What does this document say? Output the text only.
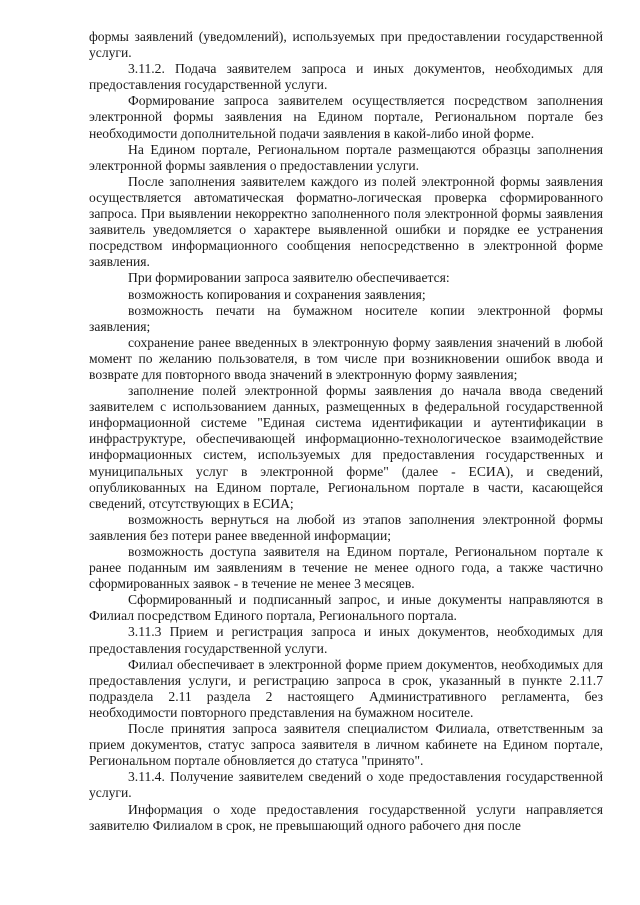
формы заявлений (уведомлений), используемых при предоставлении государственной услуги.

3.11.2. Подача заявителем запроса и иных документов, необходимых для предоставления государственной услуги.

Формирование запроса заявителем осуществляется посредством заполнения электронной формы заявления на Едином портале, Региональном портале без необходимости дополнительной подачи заявления в какой-либо иной форме.

На Едином портале, Региональном портале размещаются образцы заполнения электронной формы заявления о предоставлении услуги.

После заполнения заявителем каждого из полей электронной формы заявления осуществляется автоматическая форматно-логическая проверка сформированного запроса. При выявлении некорректно заполненного поля электронной формы заявления заявитель уведомляется о характере выявленной ошибки и порядке ее устранения посредством информационного сообщения непосредственно в электронной форме заявления.

При формировании запроса заявителю обеспечивается:

возможность копирования и сохранения заявления;

возможность печати на бумажном носителе копии электронной формы заявления;

сохранение ранее введенных в электронную форму заявления значений в любой момент по желанию пользователя, в том числе при возникновении ошибок ввода и возврате для повторного ввода значений в электронную форму заявления;

заполнение полей электронной формы заявления до начала ввода сведений заявителем с использованием данных, размещенных в федеральной государственной информационной системе "Единая система идентификации и аутентификации в инфраструктуре, обеспечивающей информационно-технологическое взаимодействие информационных систем, используемых для предоставления государственных и муниципальных услуг в электронной форме" (далее - ЕСИА), и сведений, опубликованных на Едином портале, Региональном портале в части, касающейся сведений, отсутствующих в ЕСИА;

возможность вернуться на любой из этапов заполнения электронной формы заявления без потери ранее введенной информации;

возможность доступа заявителя на Едином портале, Региональном портале к ранее поданным им заявлениям в течение не менее одного года, а также частично сформированных заявок - в течение не менее 3 месяцев.

Сформированный и подписанный запрос, и иные документы направляются в Филиал посредством Единого портала, Регионального портала.

3.11.3 Прием и регистрация запроса и иных документов, необходимых для предоставления государственной услуги.

Филиал обеспечивает в электронной форме прием документов, необходимых для предоставления услуги, и регистрацию запроса в срок, указанный в пункте 2.11.7 подраздела 2.11 раздела 2 настоящего Административного регламента, без необходимости повторного представления на бумажном носителе.

После принятия запроса заявителя специалистом Филиала, ответственным за прием документов, статус запроса заявителя в личном кабинете на Едином портале, Региональном портале обновляется до статуса "принято".

3.11.4. Получение заявителем сведений о ходе предоставления государственной услуги.

Информация о ходе предоставления государственной услуги направляется заявителю Филиалом в срок, не превышающий одного рабочего дня после
